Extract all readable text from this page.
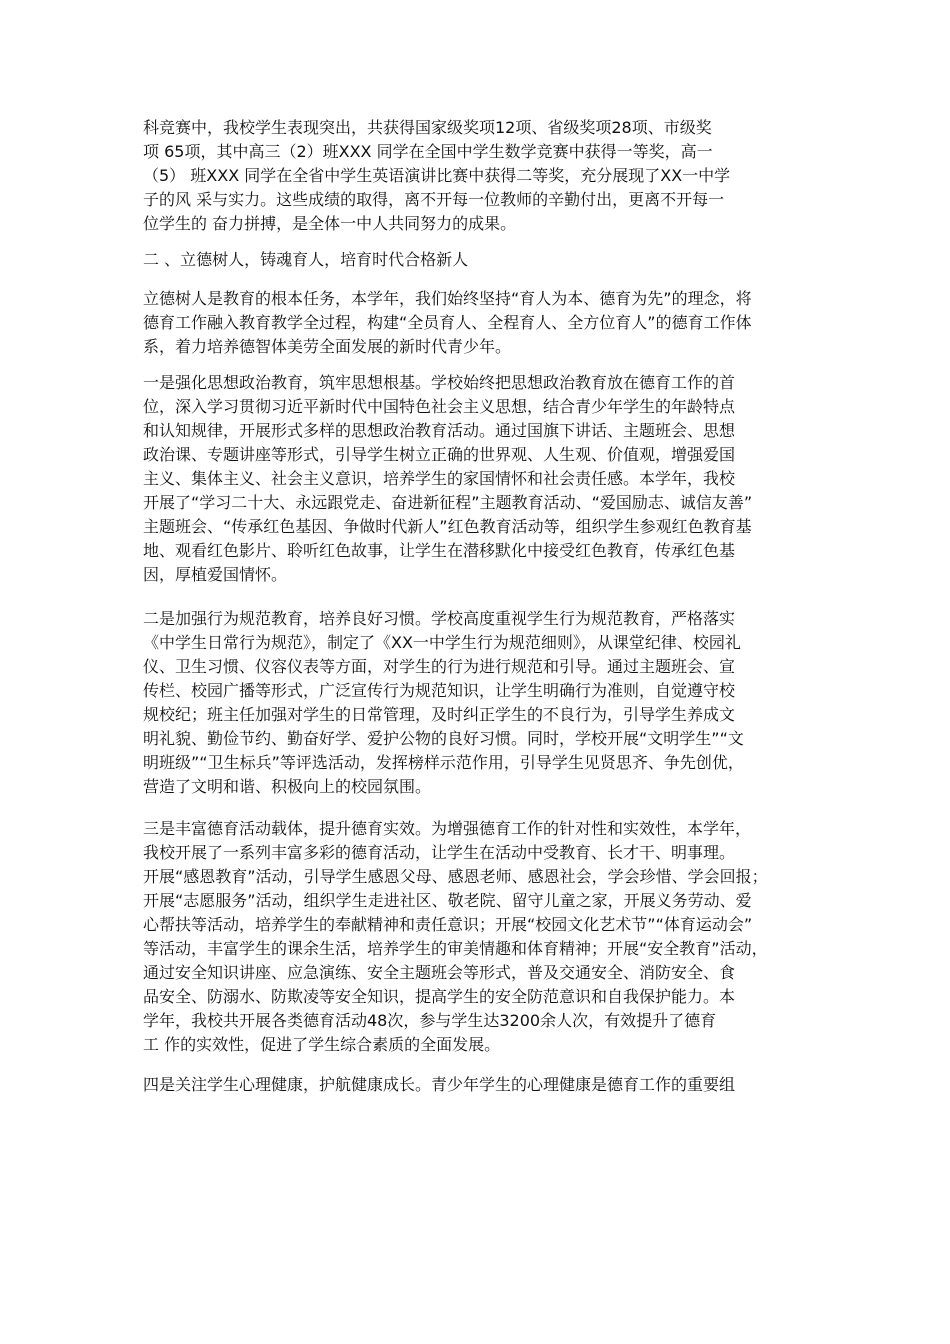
科竞赛中，我校学生表现突出，共获得国家级奖项12项、省级奖项28项、市级奖
项 65项，其中高三（2）班XXX 同学在全国中学生数学竞赛中获得一等奖，高一
（5） 班XXX 同学在全省中学生英语演讲比赛中获得二等奖，充分展现了XX一中学
子的风 采与实力。这些成绩的取得，离不开每一位教师的辛勤付出，更离不开每一
位学生的 奋力拼搏，是全体一中人共同努力的成果。
二 、立德树人，铸魂育人，培育时代合格新人
立德树人是教育的根本任务，本学年，我们始终坚持“育人为本、德育为先”的理念，将
德育工作融入教育教学全过程，构建“全员育人、全程育人、全方位育人”的德育工作体
系，着力培养德智体美劳全面发展的新时代青少年。
一是强化思想政治教育，筑牢思想根基。学校始终把思想政治教育放在德育工作的首
位，深入学习贯彻习近平新时代中国特色社会主义思想，结合青少年学生的年龄特点
和认知规律，开展形式多样的思想政治教育活动。通过国旗下讲话、主题班会、思想
政治课、专题讲座等形式，引导学生树立正确的世界观、人生观、价值观，增强爱国
主义、集体主义、社会主义意识，培养学生的家国情怀和社会责任感。本学年，我校
开展了“学习二十大、永远跟党走、奋进新征程”主题教育活动、“爱国励志、诚信友善”
主题班会、“传承红色基因、争做时代新人”红色教育活动等，组织学生参观红色教育基
地、观看红色影片、聆听红色故事，让学生在潜移默化中接受红色教育，传承红色基
因，厚植爱国情怀。
二是加强行为规范教育，培养良好习惯。学校高度重视学生行为规范教育，严格落实
《中学生日常行为规范》，制定了《XX一中学生行为规范细则》，从课堂纪律、校园礼
仪、卫生习惯、仪容仪表等方面，对学生的行为进行规范和引导。通过主题班会、宣
传栏、校园广播等形式，广泛宣传行为规范知识，让学生明确行为准则，自觉遵守校
规校纪；班主任加强对学生的日常管理，及时纠正学生的不良行为，引导学生养成文
明礼貌、勤俭节约、勤奋好学、爱护公物的良好习惯。同时，学校开展“文明学生”“文
明班级”“卫生标兵”等评选活动，发挥榜样示范作用，引导学生见贤思齐、争先创优，
营造了文明和谐、积极向上的校园氛围。
三是丰富德育活动载体，提升德育实效。为增强德育工作的针对性和实效性，本学年，
我校开展了一系列丰富多彩的德育活动，让学生在活动中受教育、长才干、明事理。
开展“感恩教育”活动，引导学生感恩父母、感恩老师、感恩社会，学会珍惜、学会回报；
开展“志愿服务”活动，组织学生走进社区、敬老院、留守儿童之家，开展义务劳动、爱
心帮扶等活动，培养学生的奉献精神和责任意识；开展“校园文化艺术节”“体育运动会”
等活动，丰富学生的课余生活，培养学生的审美情趣和体育精神；开展“安全教育”活动，
通过安全知识讲座、应急演练、安全主题班会等形式，普及交通安全、消防安全、食
品安全、防溺水、防欺凌等安全知识，提高学生的安全防范意识和自我保护能力。本
学年，我校共开展各类德育活动48次，参与学生达3200余人次，有效提升了德育
工 作的实效性，促进了学生综合素质的全面发展。
四是关注学生心理健康，护航健康成长。青少年学生的心理健康是德育工作的重要组
